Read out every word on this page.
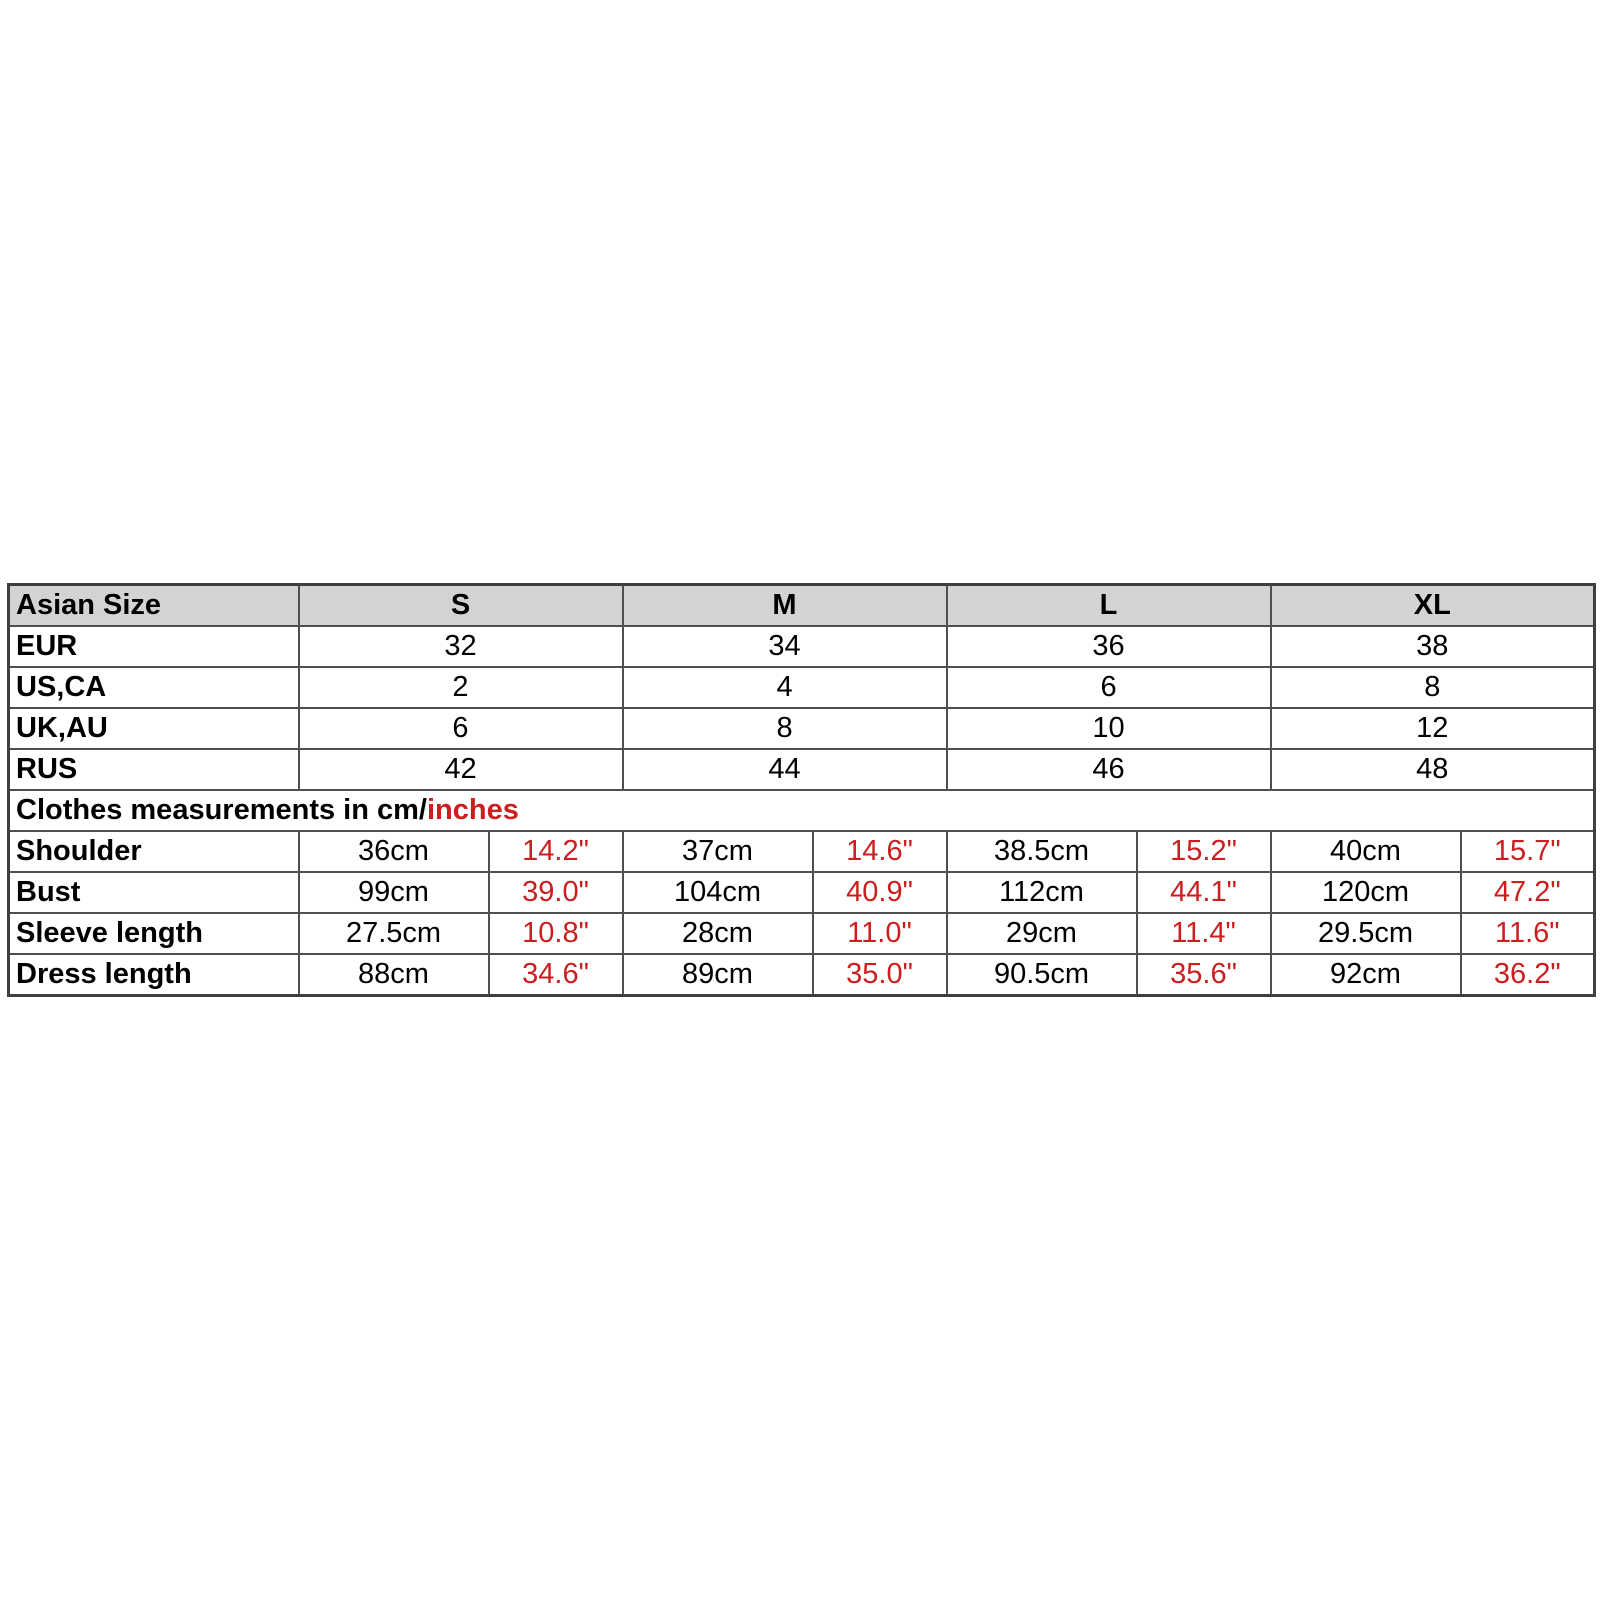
Asian Size	S		M		L		XL	
EUR	32		34		36		38	
US,CA	2		4		6		8	
UK,AU	6		8		10		12	
RUS	42		44		46		48	
Clothes measurements in cm/inches								
Shoulder	36cm	14.2"	37cm	14.6"	38.5cm	15.2"	40cm	15.7"
Bust	99cm	39.0"	104cm	40.9"	112cm	44.1"	120cm	47.2"
Sleeve length	27.5cm	10.8"	28cm	11.0"	29cm	11.4"	29.5cm	11.6"
Dress length	88cm	34.6"	89cm	35.0"	90.5cm	35.6"	92cm	36.2"
